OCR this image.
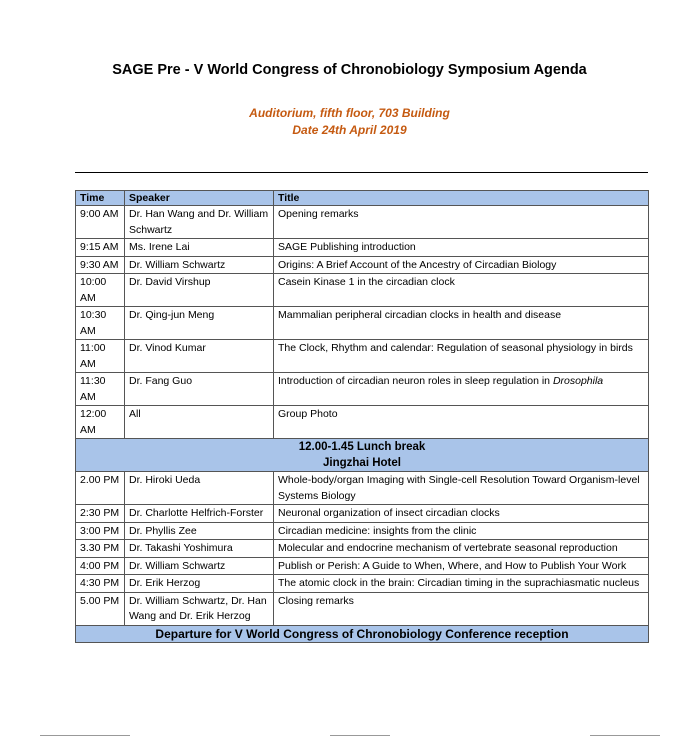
SAGE Pre - V World Congress of Chronobiology Symposium Agenda
Auditorium, fifth floor, 703 Building
Date 24th April 2019
Time	Speaker	Title
9:00 AM	Dr. Han Wang and Dr. William Schwartz	Opening remarks
9:15 AM	Ms. Irene Lai	SAGE Publishing introduction
9:30 AM	Dr. William Schwartz	Origins: A Brief Account of the Ancestry of Circadian Biology
10:00 AM	Dr. David Virshup	Casein Kinase 1 in the circadian clock
10:30 AM	Dr. Qing-jun Meng	Mammalian peripheral circadian clocks in health and disease
11:00 AM	Dr. Vinod Kumar	The Clock, Rhythm and calendar: Regulation of seasonal physiology in birds
11:30 AM	Dr. Fang Guo	Introduction of circadian neuron roles in sleep regulation in Drosophila
12:00 AM	All	Group Photo

12.00-1.45 Lunch break
Jingzhai Hotel		

2.00 PM	Dr. Hiroki Ueda	Whole-body/organ Imaging with Single-cell Resolution Toward Organism-level Systems Biology
2:30 PM	Dr. Charlotte Helfrich-Forster	Neuronal organization of insect circadian clocks
3:00 PM	Dr. Phyllis Zee	Circadian medicine: insights from the clinic
3.30 PM	Dr. Takashi Yoshimura	Molecular and endocrine mechanism of vertebrate seasonal reproduction
4:00 PM	Dr. William Schwartz	Publish or Perish: A Guide to When, Where, and How to Publish Your Work
4:30 PM	Dr. Erik Herzog	The atomic clock in the brain: Circadian timing in the suprachiasmatic nucleus
5.00 PM	Dr. William Schwartz, Dr. Han Wang and Dr. Erik Herzog	Closing remarks
Departure for V World Congress of Chronobiology Conference reception		
